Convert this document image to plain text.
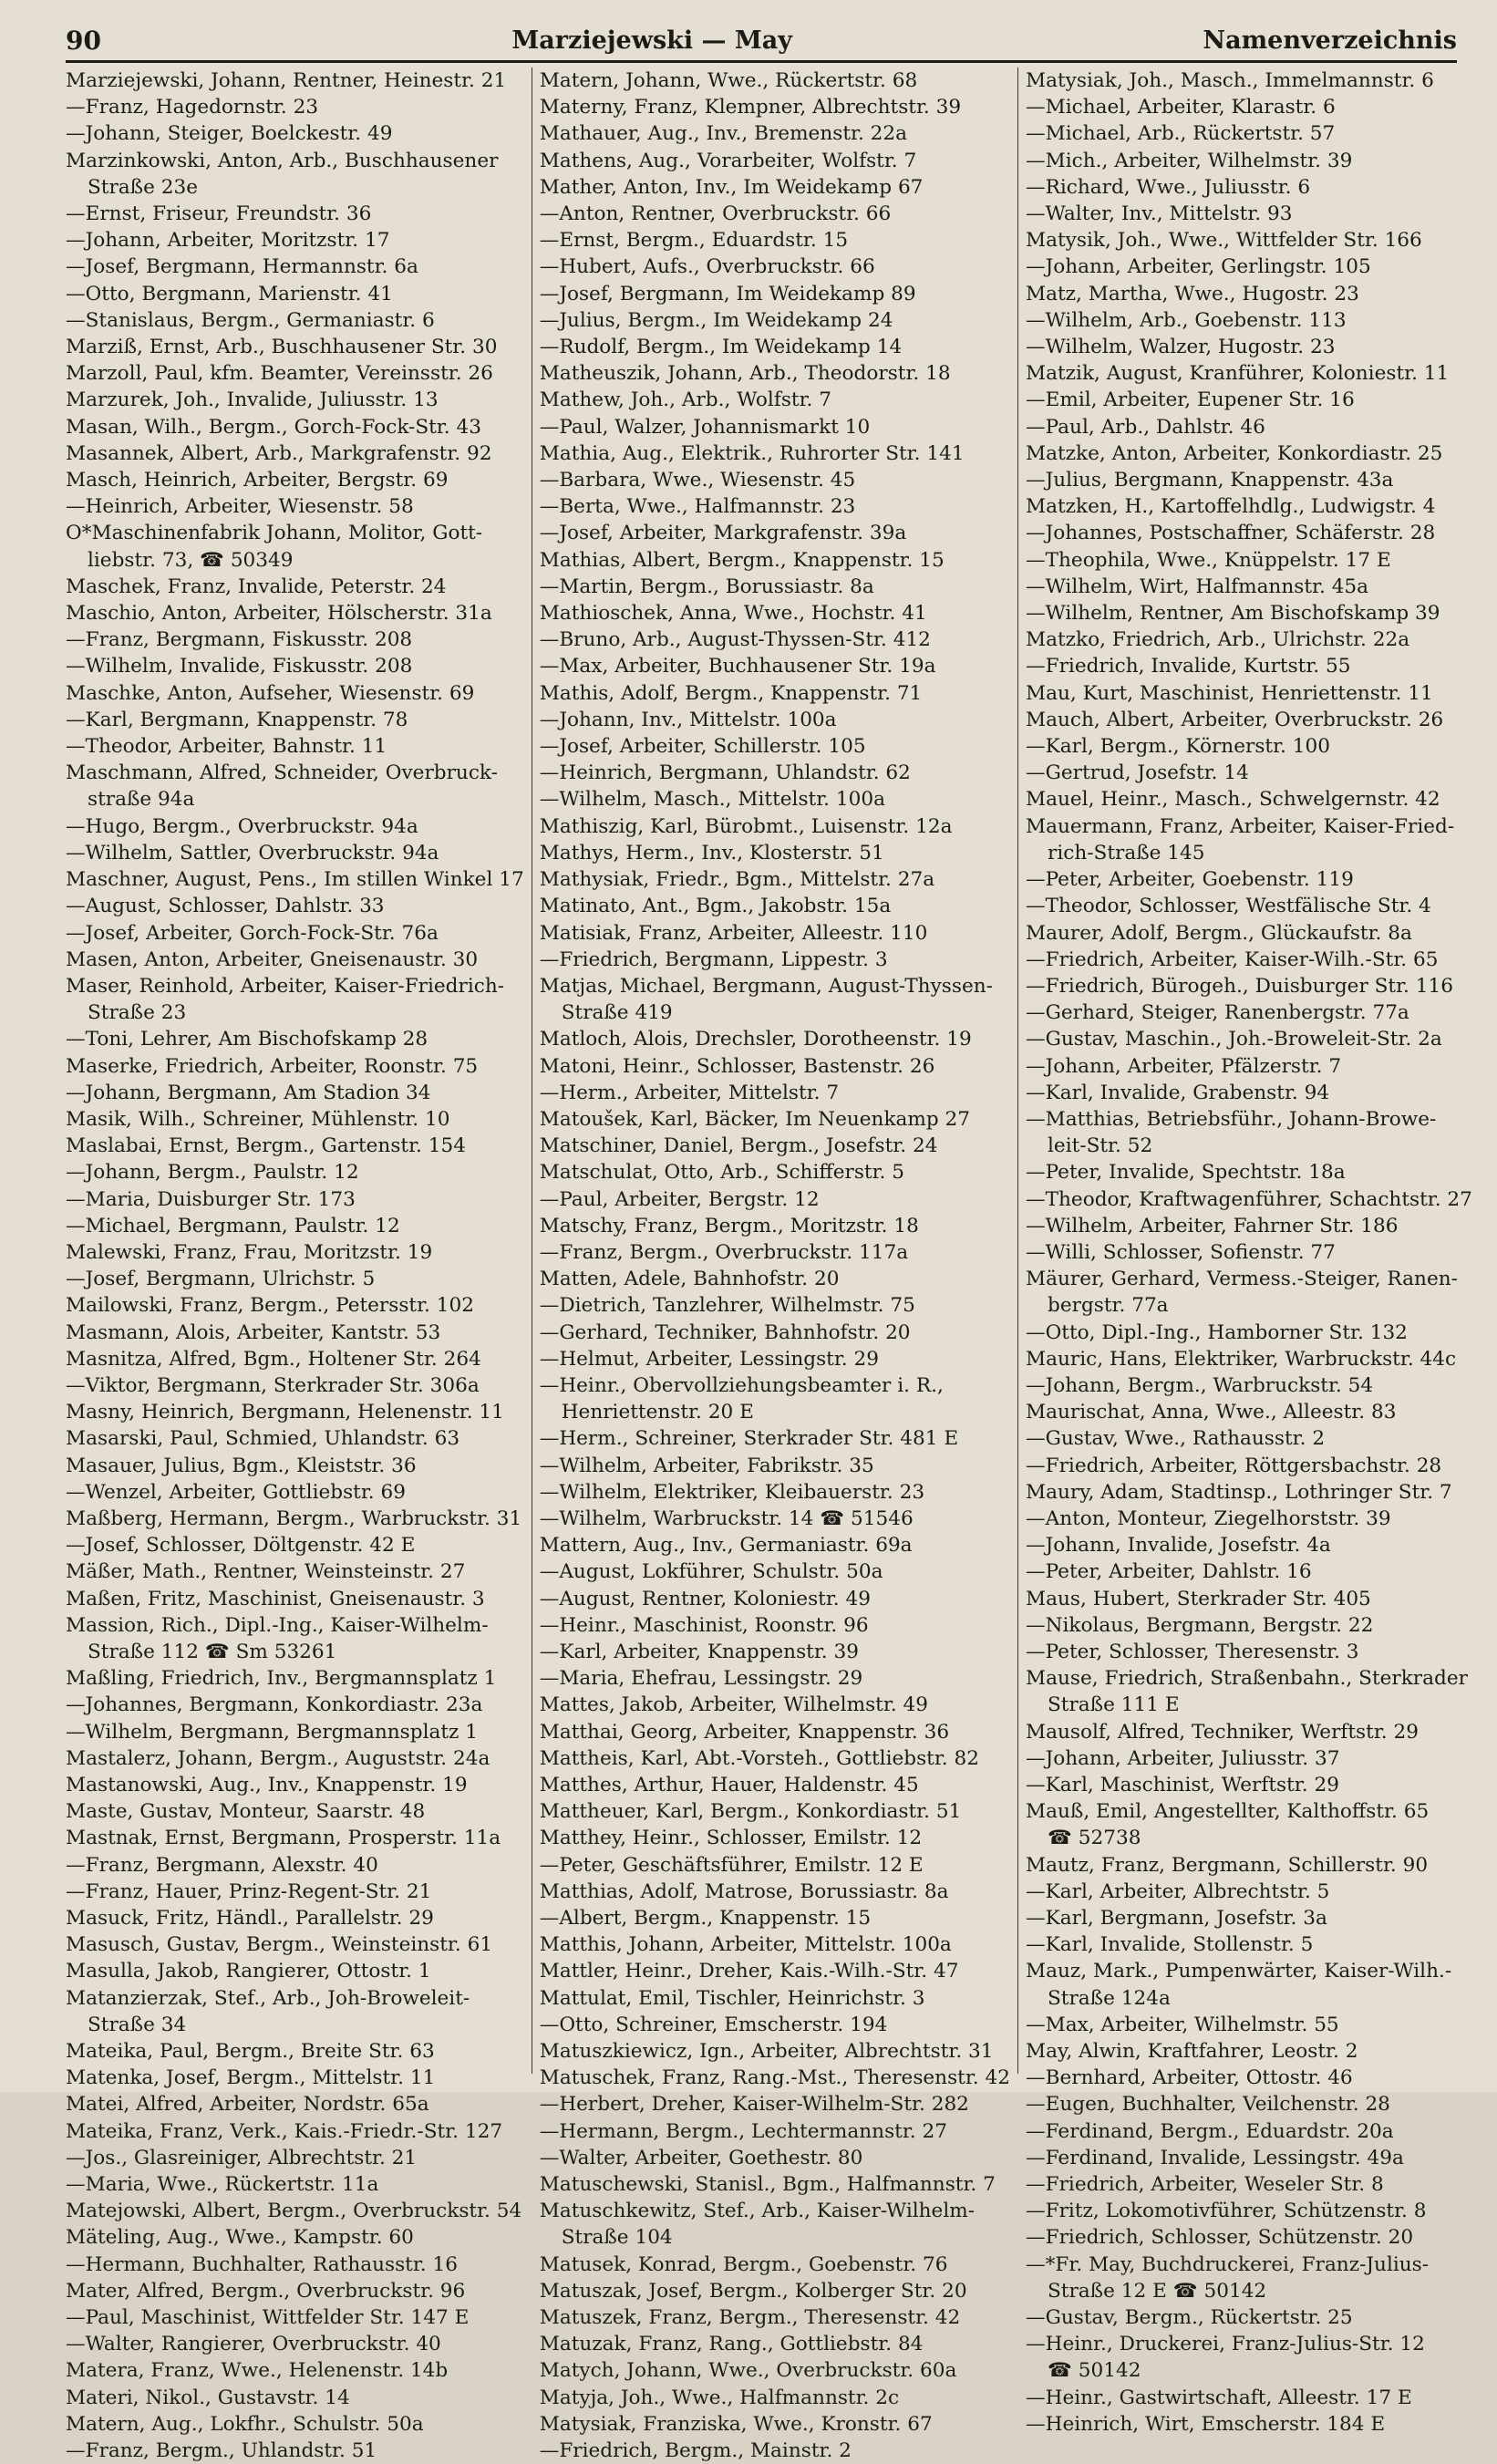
90	Marziejewski — May	Namenverzeichnis
Marziejewski, Johann, Rentner, Heinestr. 21
—Franz, Hagedornstr. 23
—Johann, Steiger, Boelckestr. 49
Marzinkowski, Anton, Arb., Buschhausener
Straße 23e
—Ernst, Friseur, Freundstr. 36
—Johann, Arbeiter, Moritzstr. 17
—Josef, Bergmann, Hermannstr. 6a
—Otto, Bergmann, Marienstr. 41
—Stanislaus, Bergm., Germaniastr. 6
Marziß, Ernst, Arb., Buschhausener Str. 30
Marzoll, Paul, kfm. Beamter, Vereinsstr. 26
Marzurek, Joh., Invalide, Juliusstr. 13
Masan, Wilh., Bergm., Gorch-Fock-Str. 43
Masannek, Albert, Arb., Markgrafenstr. 92
Masch, Heinrich, Arbeiter, Bergstr. 69
—Heinrich, Arbeiter, Wiesenstr. 58
O*Maschinenfabrik Johann, Molitor, Gott-
liebstr. 73, ☎ 50349
Maschek, Franz, Invalide, Peterstr. 24
Maschio, Anton, Arbeiter, Hölscherstr. 31a
—Franz, Bergmann, Fiskusstr. 208
—Wilhelm, Invalide, Fiskusstr. 208
Maschke, Anton, Aufseher, Wiesenstr. 69
—Karl, Bergmann, Knappenstr. 78
—Theodor, Arbeiter, Bahnstr. 11
Maschmann, Alfred, Schneider, Overbruck-
straße 94a
—Hugo, Bergm., Overbruckstr. 94a
—Wilhelm, Sattler, Overbruckstr. 94a
Maschner, August, Pens., Im stillen Winkel 17
—August, Schlosser, Dahlstr. 33
—Josef, Arbeiter, Gorch-Fock-Str. 76a
Masen, Anton, Arbeiter, Gneisenaustr. 30
Maser, Reinhold, Arbeiter, Kaiser-Friedrich-
Straße 23
—Toni, Lehrer, Am Bischofskamp 28
Maserke, Friedrich, Arbeiter, Roonstr. 75
—Johann, Bergmann, Am Stadion 34
Masik, Wilh., Schreiner, Mühlenstr. 10
Maslabai, Ernst, Bergm., Gartenstr. 154
—Johann, Bergm., Paulstr. 12
—Maria, Duisburger Str. 173
—Michael, Bergmann, Paulstr. 12
Malewski, Franz, Frau, Moritzstr. 19
—Josef, Bergmann, Ulrichstr. 5
Mailowski, Franz, Bergm., Petersstr. 102
Masmann, Alois, Arbeiter, Kantstr. 53
Masnitza, Alfred, Bgm., Holtener Str. 264
—Viktor, Bergmann, Sterkrader Str. 306a
Masny, Heinrich, Bergmann, Helenenstr. 11
Masarski, Paul, Schmied, Uhlandstr. 63
Masauer, Julius, Bgm., Kleiststr. 36
—Wenzel, Arbeiter, Gottliebstr. 69
Maßberg, Hermann, Bergm., Warbruckstr. 31
—Josef, Schlosser, Döltgenstr. 42 E
Mäßer, Math., Rentner, Weinsteinstr. 27
Maßen, Fritz, Maschinist, Gneisenaustr. 3
Massion, Rich., Dipl.-Ing., Kaiser-Wilhelm-
Straße 112 ☎ Sm 53261
Maßling, Friedrich, Inv., Bergmannsplatz 1
—Johannes, Bergmann, Konkordiastr. 23a
—Wilhelm, Bergmann, Bergmannsplatz 1
Mastalerz, Johann, Bergm., Auguststr. 24a
Mastanowski, Aug., Inv., Knappenstr. 19
Maste, Gustav, Monteur, Saarstr. 48
Mastnak, Ernst, Bergmann, Prosperstr. 11a
—Franz, Bergmann, Alexstr. 40
—Franz, Hauer, Prinz-Regent-Str. 21
Masuck, Fritz, Händl., Parallelstr. 29
Masusch, Gustav, Bergm., Weinsteinstr. 61
Masulla, Jakob, Rangierer, Ottostr. 1
Matanzierzak, Stef., Arb., Joh-Broweleit-
Straße 34
Mateika, Paul, Bergm., Breite Str. 63
Matenka, Josef, Bergm., Mittelstr. 11
Matei, Alfred, Arbeiter, Nordstr. 65a
Mateika, Franz, Verk., Kais.-Friedr.-Str. 127
—Jos., Glasreiniger, Albrechtstr. 21
—Maria, Wwe., Rückertstr. 11a
Matejowski, Albert, Bergm., Overbruckstr. 54
Mäteling, Aug., Wwe., Kampstr. 60
—Hermann, Buchhalter, Rathausstr. 16
Mater, Alfred, Bergm., Overbruckstr. 96
—Paul, Maschinist, Wittfelder Str. 147 E
—Walter, Rangierer, Overbruckstr. 40
Matera, Franz, Wwe., Helenenstr. 14b
Materi, Nikol., Gustavstr. 14
Matern, Aug., Lokfhr., Schulstr. 50a
—Franz, Bergm., Uhlandstr. 51
Matern, Johann, Wwe., Rückertstr. 68
Materny, Franz, Klempner, Albrechtstr. 39
Mathauer, Aug., Inv., Bremenstr. 22a
Mathens, Aug., Vorarbeiter, Wolfstr. 7
Mather, Anton, Inv., Im Weidekamp 67
—Anton, Rentner, Overbruckstr. 66
—Ernst, Bergm., Eduardstr. 15
—Hubert, Aufs., Overbruckstr. 66
—Josef, Bergmann, Im Weidekamp 89
—Julius, Bergm., Im Weidekamp 24
—Rudolf, Bergm., Im Weidekamp 14
Matheuszik, Johann, Arb., Theodorstr. 18
Mathew, Joh., Arb., Wolfstr. 7
—Paul, Walzer, Johannismarkt 10
Mathia, Aug., Elektrik., Ruhrorter Str. 141
—Barbara, Wwe., Wiesenstr. 45
—Berta, Wwe., Halfmannstr. 23
—Josef, Arbeiter, Markgrafenstr. 39a
Mathias, Albert, Bergm., Knappenstr. 15
—Martin, Bergm., Borussiastr. 8a
Mathioschek, Anna, Wwe., Hochstr. 41
—Bruno, Arb., August-Thyssen-Str. 412
—Max, Arbeiter, Buchhausener Str. 19a
Mathis, Adolf, Bergm., Knappenstr. 71
—Johann, Inv., Mittelstr. 100a
—Josef, Arbeiter, Schillerstr. 105
—Heinrich, Bergmann, Uhlandstr. 62
—Wilhelm, Masch., Mittelstr. 100a
Mathiszig, Karl, Bürobmt., Luisenstr. 12a
Mathys, Herm., Inv., Klosterstr. 51
Mathysiak, Friedr., Bgm., Mittelstr. 27a
Matinato, Ant., Bgm., Jakobstr. 15a
Matisiak, Franz, Arbeiter, Alleestr. 110
—Friedrich, Bergmann, Lippestr. 3
Matjas, Michael, Bergmann, August-Thyssen-
Straße 419
Matloch, Alois, Drechsler, Dorotheenstr. 19
Matoni, Heinr., Schlosser, Bastenstr. 26
—Herm., Arbeiter, Mittelstr. 7
Matoušek, Karl, Bäcker, Im Neuenkamp 27
Matschiner, Daniel, Bergm., Josefstr. 24
Matschulat, Otto, Arb., Schifferstr. 5
—Paul, Arbeiter, Bergstr. 12
Matschy, Franz, Bergm., Moritzstr. 18
—Franz, Bergm., Overbruckstr. 117a
Matten, Adele, Bahnhofstr. 20
—Dietrich, Tanzlehrer, Wilhelmstr. 75
—Gerhard, Techniker, Bahnhofstr. 20
—Helmut, Arbeiter, Lessingstr. 29
—Heinr., Obervollziehungsbeamter i. R.,
Henriettenstr. 20 E
—Herm., Schreiner, Sterkrader Str. 481 E
—Wilhelm, Arbeiter, Fabrikstr. 35
—Wilhelm, Elektriker, Kleibauerstr. 23
—Wilhelm, Warbruckstr. 14 ☎ 51546
Mattern, Aug., Inv., Germaniastr. 69a
—August, Lokführer, Schulstr. 50a
—August, Rentner, Koloniestr. 49
—Heinr., Maschinist, Roonstr. 96
—Karl, Arbeiter, Knappenstr. 39
—Maria, Ehefrau, Lessingstr. 29
Mattes, Jakob, Arbeiter, Wilhelmstr. 49
Matthai, Georg, Arbeiter, Knappenstr. 36
Mattheis, Karl, Abt.-Vorsteh., Gottliebstr. 82
Matthes, Arthur, Hauer, Haldenstr. 45
Mattheuer, Karl, Bergm., Konkordiastr. 51
Matthey, Heinr., Schlosser, Emilstr. 12
—Peter, Geschäftsführer, Emilstr. 12 E
Matthias, Adolf, Matrose, Borussiastr. 8a
—Albert, Bergm., Knappenstr. 15
Matthis, Johann, Arbeiter, Mittelstr. 100a
Mattler, Heinr., Dreher, Kais.-Wilh.-Str. 47
Mattulat, Emil, Tischler, Heinrichstr. 3
—Otto, Schreiner, Emscherstr. 194
Matuszkiewicz, Ign., Arbeiter, Albrechtstr. 31
Matuschek, Franz, Rang.-Mst., Theresenstr. 42
—Herbert, Dreher, Kaiser-Wilhelm-Str. 282
—Hermann, Bergm., Lechtermannstr. 27
—Walter, Arbeiter, Goethestr. 80
Matuschewski, Stanisl., Bgm., Halfmannstr. 7
Matuschkewitz, Stef., Arb., Kaiser-Wilhelm-
Straße 104
Matusek, Konrad, Bergm., Goebenstr. 76
Matuszak, Josef, Bergm., Kolberger Str. 20
Matuszek, Franz, Bergm., Theresenstr. 42
Matuzak, Franz, Rang., Gottliebstr. 84
Matych, Johann, Wwe., Overbruckstr. 60a
Matyja, Joh., Wwe., Halfmannstr. 2c
Matysiak, Franziska, Wwe., Kronstr. 67
—Friedrich, Bergm., Mainstr. 2
Matysiak, Joh., Masch., Immelmannstr. 6
—Michael, Arbeiter, Klarastr. 6
—Michael, Arb., Rückertstr. 57
—Mich., Arbeiter, Wilhelmstr. 39
—Richard, Wwe., Juliusstr. 6
—Walter, Inv., Mittelstr. 93
Matysik, Joh., Wwe., Wittfelder Str. 166
—Johann, Arbeiter, Gerlingstr. 105
Matz, Martha, Wwe., Hugostr. 23
—Wilhelm, Arb., Goebenstr. 113
—Wilhelm, Walzer, Hugostr. 23
Matzik, August, Kranführer, Koloniestr. 11
—Emil, Arbeiter, Eupener Str. 16
—Paul, Arb., Dahlstr. 46
Matzke, Anton, Arbeiter, Konkordiastr. 25
—Julius, Bergmann, Knappenstr. 43a
Matzken, H., Kartoffelhdlg., Ludwigstr. 4
—Johannes, Postschaffner, Schäferstr. 28
—Theophila, Wwe., Knüppelstr. 17 E
—Wilhelm, Wirt, Halfmannstr. 45a
—Wilhelm, Rentner, Am Bischofskamp 39
Matzko, Friedrich, Arb., Ulrichstr. 22a
—Friedrich, Invalide, Kurtstr. 55
Mau, Kurt, Maschinist, Henriettenstr. 11
Mauch, Albert, Arbeiter, Overbruckstr. 26
—Karl, Bergm., Körnerstr. 100
—Gertrud, Josefstr. 14
Mauel, Heinr., Masch., Schwelgernstr. 42
Mauermann, Franz, Arbeiter, Kaiser-Fried-
rich-Straße 145
—Peter, Arbeiter, Goebenstr. 119
—Theodor, Schlosser, Westfälische Str. 4
Maurer, Adolf, Bergm., Glückaufstr. 8a
—Friedrich, Arbeiter, Kaiser-Wilh.-Str. 65
—Friedrich, Bürogeh., Duisburger Str. 116
—Gerhard, Steiger, Ranenbergstr. 77a
—Gustav, Maschin., Joh.-Broweleit-Str. 2a
—Johann, Arbeiter, Pfälzerstr. 7
—Karl, Invalide, Grabenstr. 94
—Matthias, Betriebsführ., Johann-Browe-
leit-Str. 52
—Peter, Invalide, Spechtstr. 18a
—Theodor, Kraftwagenführer, Schachtstr. 27
—Wilhelm, Arbeiter, Fahrner Str. 186
—Willi, Schlosser, Sofienstr. 77
Mäurer, Gerhard, Vermess.-Steiger, Ranen-
bergstr. 77a
—Otto, Dipl.-Ing., Hamborner Str. 132
Mauric, Hans, Elektriker, Warbruckstr. 44c
—Johann, Bergm., Warbruckstr. 54
Maurischat, Anna, Wwe., Alleestr. 83
—Gustav, Wwe., Rathausstr. 2
—Friedrich, Arbeiter, Röttgersbachstr. 28
Maury, Adam, Stadtinsp., Lothringer Str. 7
—Anton, Monteur, Ziegelhorststr. 39
—Johann, Invalide, Josefstr. 4a
—Peter, Arbeiter, Dahlstr. 16
Maus, Hubert, Sterkrader Str. 405
—Nikolaus, Bergmann, Bergstr. 22
—Peter, Schlosser, Theresenstr. 3
Mause, Friedrich, Straßenbahn., Sterkrader
Straße 111 E
Mausolf, Alfred, Techniker, Werftstr. 29
—Johann, Arbeiter, Juliusstr. 37
—Karl, Maschinist, Werftstr. 29
Mauß, Emil, Angestellter, Kalthoffstr. 65
☎ 52738
Mautz, Franz, Bergmann, Schillerstr. 90
—Karl, Arbeiter, Albrechtstr. 5
—Karl, Bergmann, Josefstr. 3a
—Karl, Invalide, Stollenstr. 5
Mauz, Mark., Pumpenwärter, Kaiser-Wilh.-
Straße 124a
—Max, Arbeiter, Wilhelmstr. 55
May, Alwin, Kraftfahrer, Leostr. 2
—Bernhard, Arbeiter, Ottostr. 46
—Eugen, Buchhalter, Veilchenstr. 28
—Ferdinand, Bergm., Eduardstr. 20a
—Ferdinand, Invalide, Lessingstr. 49a
—Friedrich, Arbeiter, Weseler Str. 8
—Fritz, Lokomotivführer, Schützenstr. 8
—Friedrich, Schlosser, Schützenstr. 20
—*Fr. May, Buchdruckerei, Franz-Julius-
Straße 12 E ☎ 50142
—Gustav, Bergm., Rückertstr. 25
—Heinr., Druckerei, Franz-Julius-Str. 12
☎ 50142
—Heinr., Gastwirtschaft, Alleestr. 17 E
—Heinrich, Wirt, Emscherstr. 184 E
